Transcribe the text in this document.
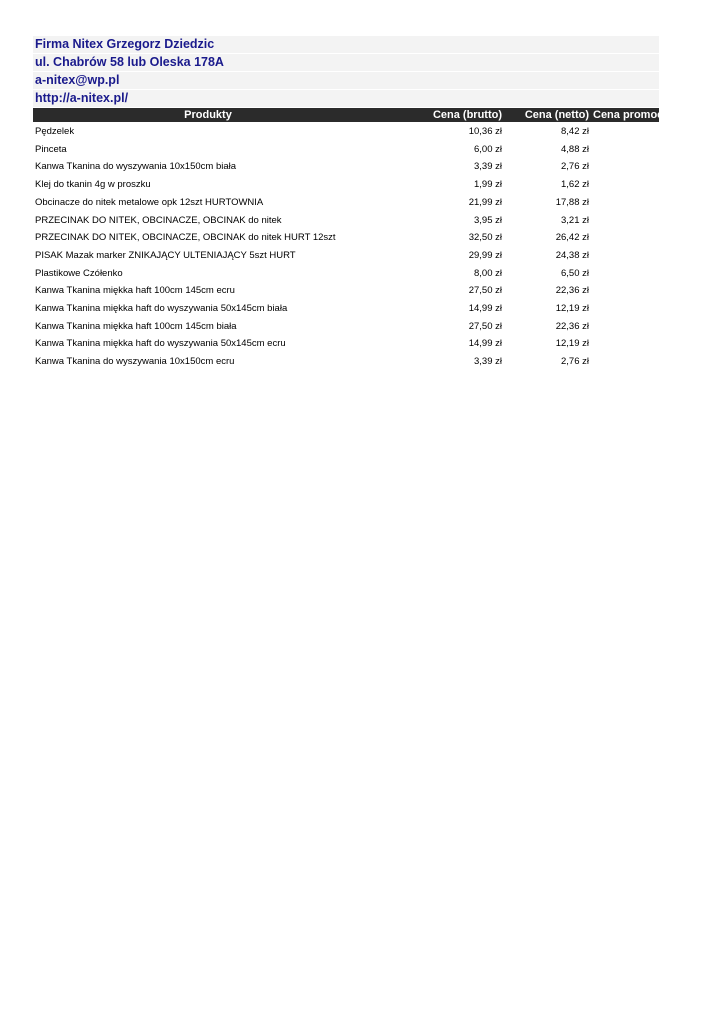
Firma Nitex Grzegorz Dziedzic
ul. Chabrów 58 lub Oleska 178A
a-nitex@wp.pl
http://a-nitex.pl/
Produkty	Cena (brutto)	Cena (netto)	Cena promocyjna
Pędzelek	10,36 zł	8,42 zł	
Pinceta	6,00 zł	4,88 zł	
Kanwa Tkanina do wyszywania 10x150cm biała	3,39 zł	2,76 zł	
Klej do tkanin 4g w proszku	1,99 zł	1,62 zł	
Obcinacze do nitek metalowe opk 12szt HURTOWNIA	21,99 zł	17,88 zł	
PRZECINAK DO NITEK, OBCINACZE, OBCINAK do nitek	3,95 zł	3,21 zł	
PRZECINAK DO NITEK, OBCINACZE, OBCINAK do nitek HURT 12szt	32,50 zł	26,42 zł	
PISAK Mazak marker ZNIKAJĄCY ULTENIAJĄCY 5szt HURT	29,99 zł	24,38 zł	
Plastikowe Czółenko	8,00 zł	6,50 zł	
Kanwa Tkanina miękka haft 100cm 145cm ecru	27,50 zł	22,36 zł	
Kanwa Tkanina miękka haft do wyszywania 50x145cm biała	14,99 zł	12,19 zł	
Kanwa Tkanina miękka haft 100cm 145cm biała	27,50 zł	22,36 zł	
Kanwa Tkanina miękka haft do wyszywania 50x145cm ecru	14,99 zł	12,19 zł	
Kanwa Tkanina do wyszywania 10x150cm ecru	3,39 zł	2,76 zł	
